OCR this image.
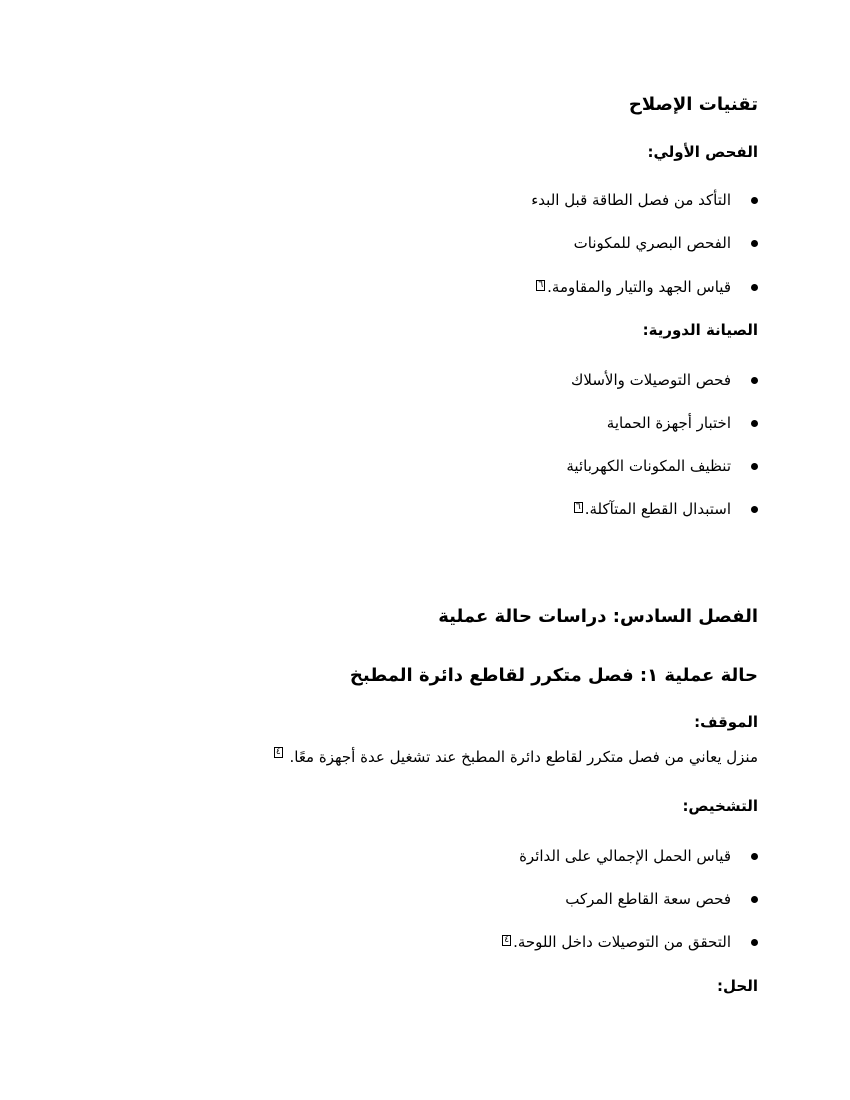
تقنيات الإصلاح
الفحص الأولي:
التأكد من فصل الطاقة قبل البدء
الفحص البصري للمكونات
قياس الجهد والتيار والمقاومة.
٦
الصيانة الدورية:
فحص التوصيلات والأسلاك
اختبار أجهزة الحماية
تنظيف المكونات الكهربائية
استبدال القطع المتآكلة.
٦
الفصل السادس: دراسات حالة عملية
حالة عملية ١: فصل متكرر لقاطع دائرة المطبخ
الموقف:
منزل يعاني من فصل متكرر لقاطع دائرة المطبخ عند تشغيل عدة أجهزة معًا. ٤
التشخيص:
قياس الحمل الإجمالي على الدائرة
فحص سعة القاطع المركب
التحقق من التوصيلات داخل اللوحة.
٤
الحل:
